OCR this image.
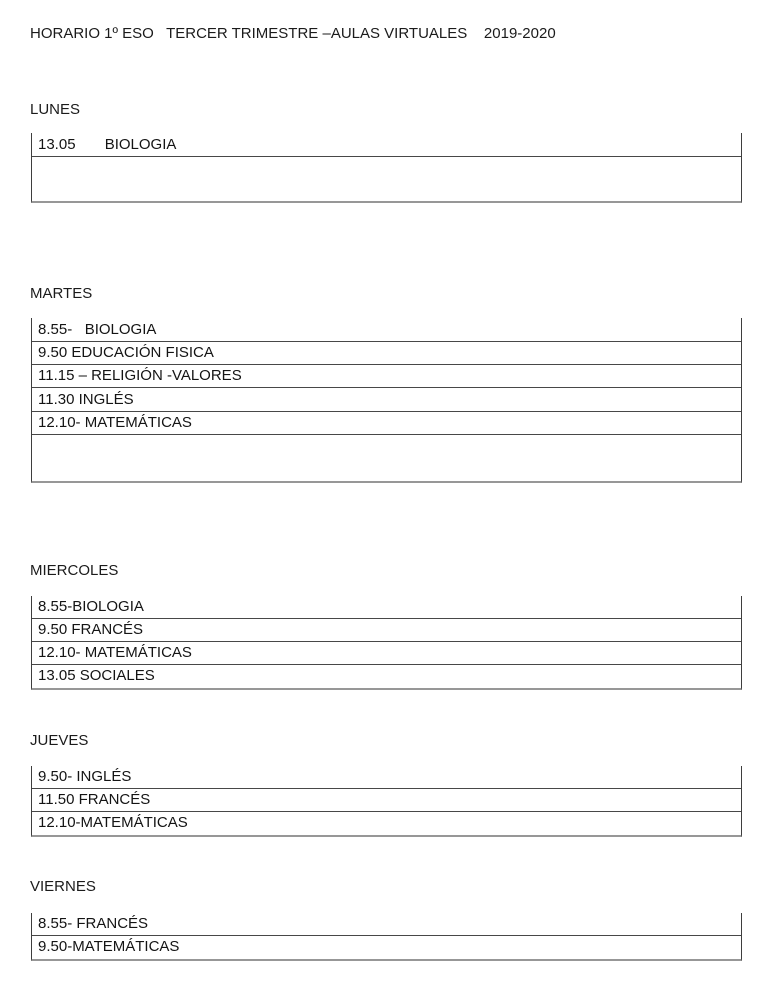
HORARIO 1º ESO   TERCER TRIMESTRE –AULAS VIRTUALES    2019-2020
LUNES
13.05       BIOLOGIA
MARTES
8.55-   BIOLOGIA
9.50 EDUCACIÓN FISICA
11.15 – RELIGIÓN -VALORES
11.30 INGLÉS
12.10- MATEMÁTICAS
MIERCOLES
8.55-BIOLOGIA
9.50 FRANCÉS
12.10- MATEMÁTICAS
13.05 SOCIALES
JUEVES
9.50- INGLÉS
11.50 FRANCÉS
12.10-MATEMÁTICAS
VIERNES
8.55- FRANCÉS
9.50-MATEMÁTICAS
